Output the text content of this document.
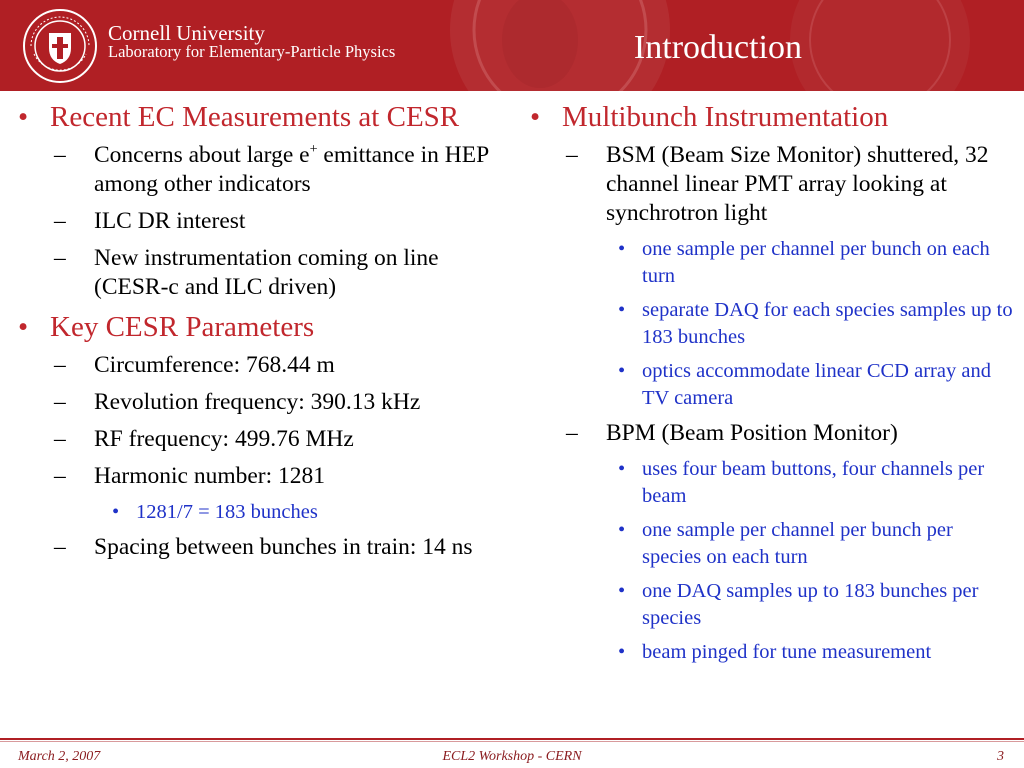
Cornell University
Laboratory for Elementary-Particle Physics	Introduction
• Recent EC Measurements at CESR
– Concerns about large e+ emittance in HEP among other indicators
– ILC DR interest
– New instrumentation coming on line (CESR-c and ILC driven)
• Key CESR Parameters
– Circumference: 768.44 m
– Revolution frequency: 390.13 kHz
– RF frequency: 499.76 MHz
– Harmonic number: 1281
• 1281/7 = 183 bunches
– Spacing between bunches in train: 14 ns
• Multibunch Instrumentation
– BSM (Beam Size Monitor) shuttered, 32 channel linear PMT array looking at synchrotron light
• one sample per channel per bunch on each turn
• separate DAQ for each species samples up to 183 bunches
• optics accommodate linear CCD array and TV camera
– BPM (Beam Position Monitor)
• uses four beam buttons, four channels per beam
• one sample per channel per bunch per species on each turn
• one DAQ samples up to 183 bunches per species
• beam pinged for tune measurement
March 2, 2007	ECL2 Workshop - CERN	3
